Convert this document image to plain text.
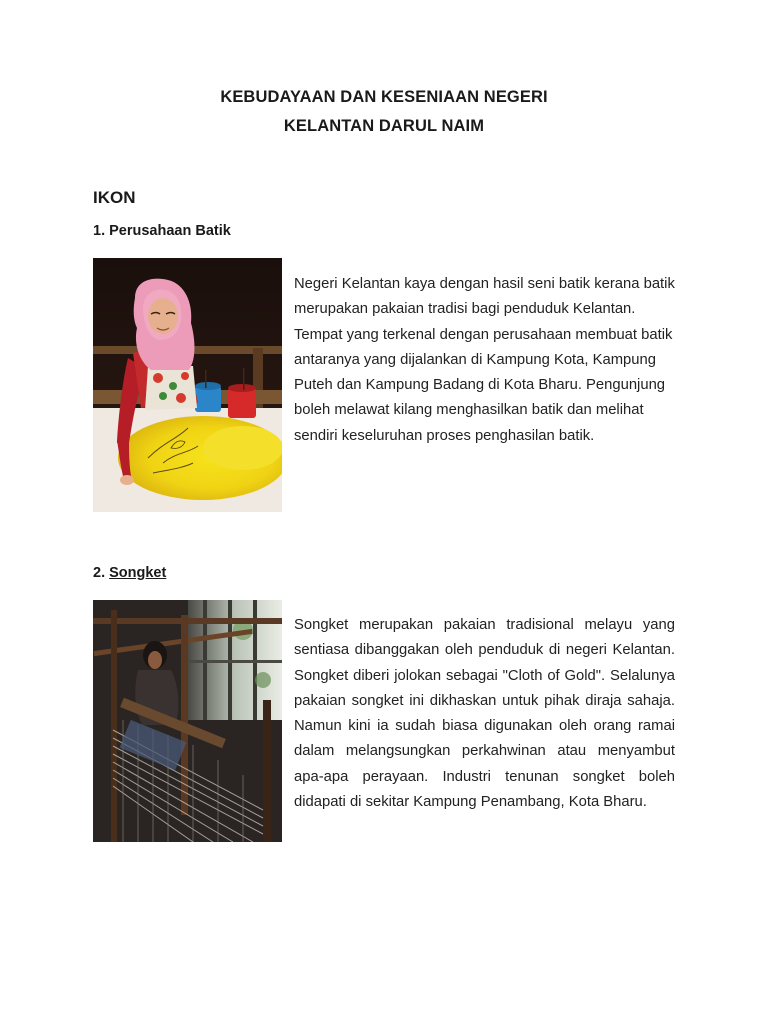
KEBUDAYAAN DAN KESENIAAN NEGERI
KELANTAN DARUL NAIM
IKON
1. Perusahaan Batik
Negeri Kelantan kaya dengan hasil seni batik kerana batik merupakan pakaian tradisi bagi penduduk Kelantan. Tempat yang terkenal dengan perusahaan membuat batik antaranya yang dijalankan di Kampung Kota, Kampung Puteh dan Kampung Badang di Kota Bharu. Pengunjung boleh melawat kilang menghasilkan batik dan melihat sendiri keseluruhan proses penghasilan batik.
2. Songket
Songket merupakan pakaian tradisional melayu yang sentiasa dibanggakan oleh penduduk di negeri Kelantan. Songket diberi jolokan sebagai "Cloth of Gold". Selalunya pakaian songket ini dikhaskan untuk pihak diraja sahaja. Namun kini ia sudah biasa digunakan oleh orang ramai dalam melangsungkan perkahwinan atau menyambut apa-apa perayaan. Industri tenunan songket boleh didapati di sekitar Kampung Penambang, Kota Bharu.
